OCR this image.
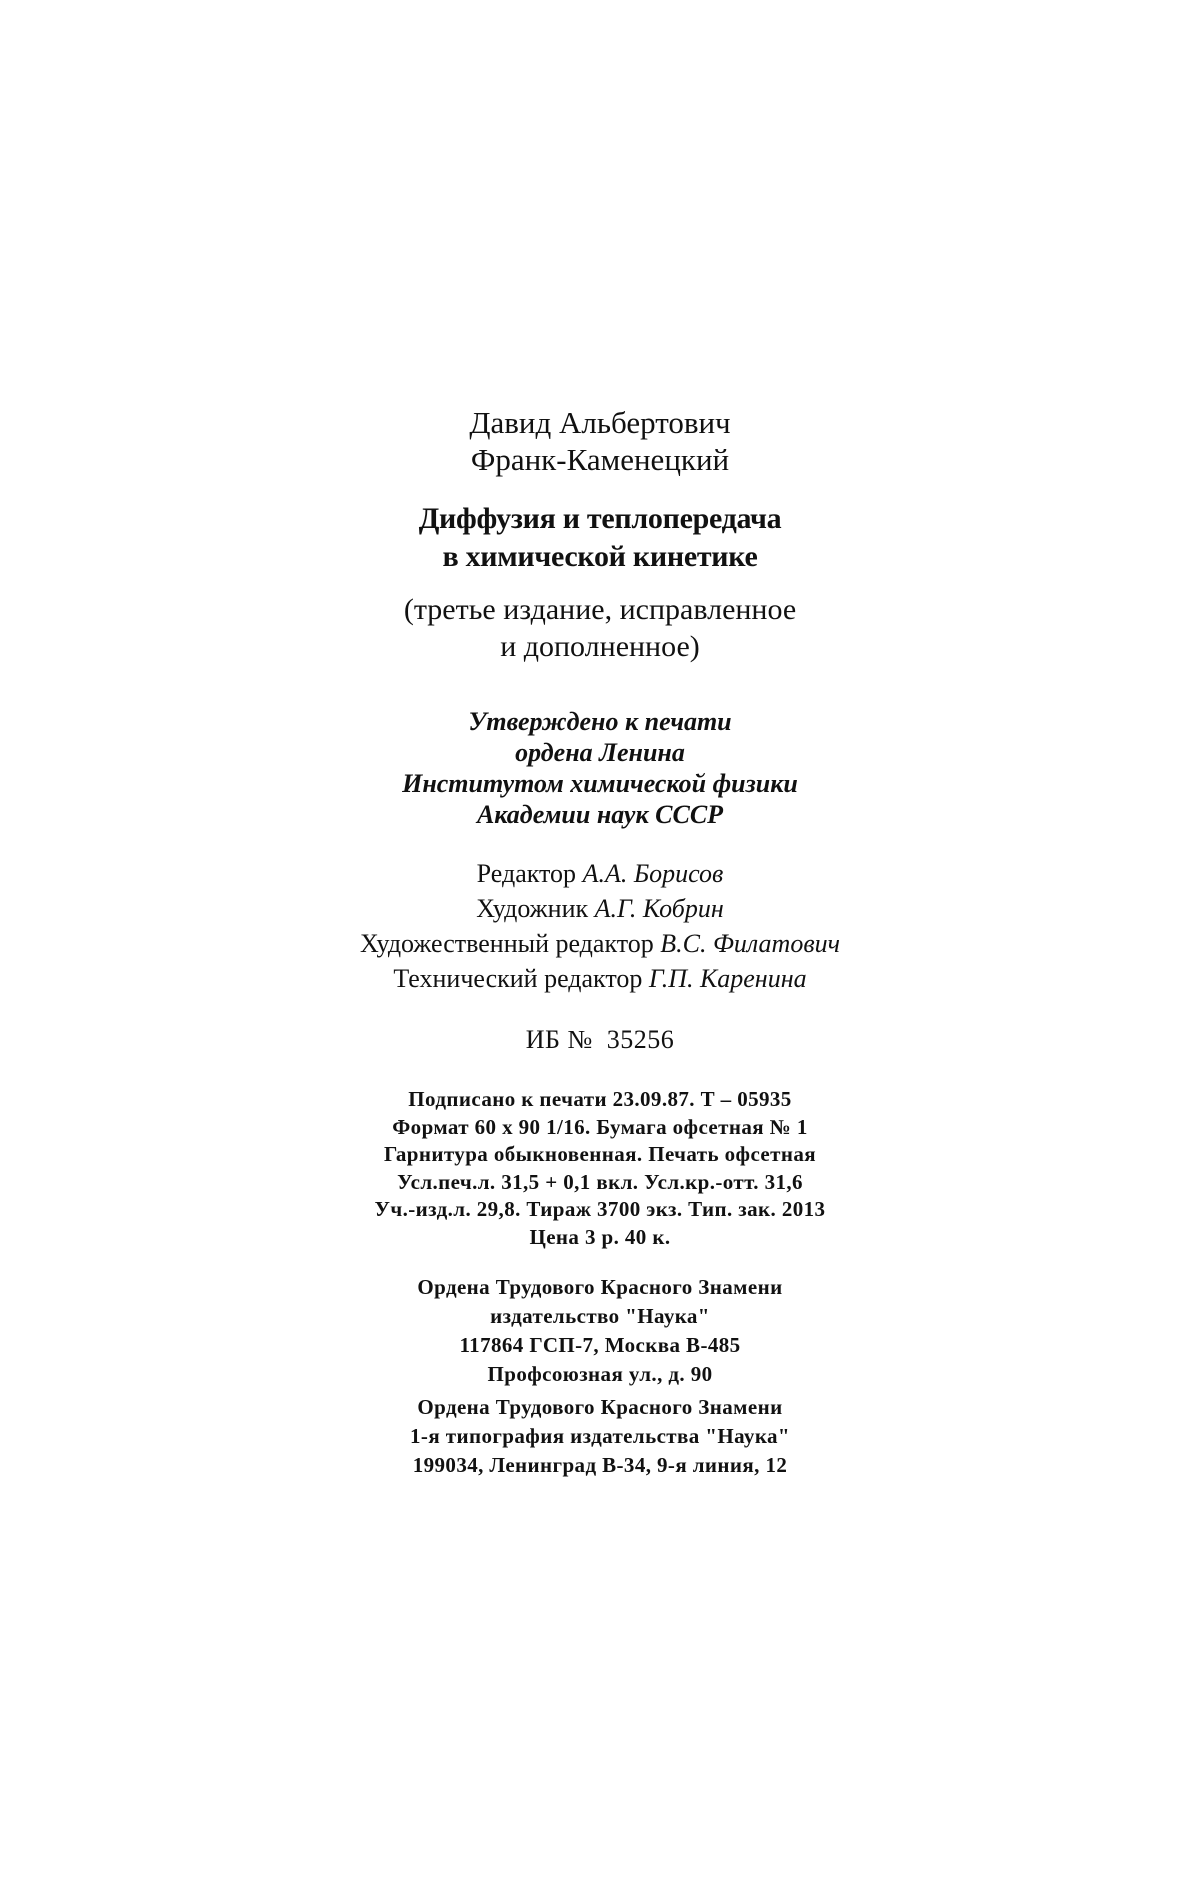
Давид Альбертович
Франк-Каменецкий
Диффузия и теплопередача
в химической кинетике
(третье издание, исправленное
и дополненное)
Утверждено к печати
ордена Ленина
Институтом химической физики
Академии наук СССР
Редактор А.А. Борисов
Художник А.Г. Кобрин
Художественный редактор В.С. Филатович
Технический редактор Г.П. Каренина
ИБ № 35256
Подписано к печати 23.09.87. Т – 05935
Формат 60 х 90 1/16. Бумага офсетная № 1
Гарнитура обыкновенная. Печать офсетная
Усл.печ.л. 31,5 + 0,1 вкл. Усл.кр.-отт. 31,6
Уч.-изд.л. 29,8. Тираж 3700 экз. Тип. зак. 2013
Цена 3 р. 40 к.
Ордена Трудового Красного Знамени
издательство "Наука"
117864 ГСП-7, Москва В-485
Профсоюзная ул., д. 90
Ордена Трудового Красного Знамени
1-я типография издательства "Наука"
199034, Ленинград В-34, 9-я линия, 12
